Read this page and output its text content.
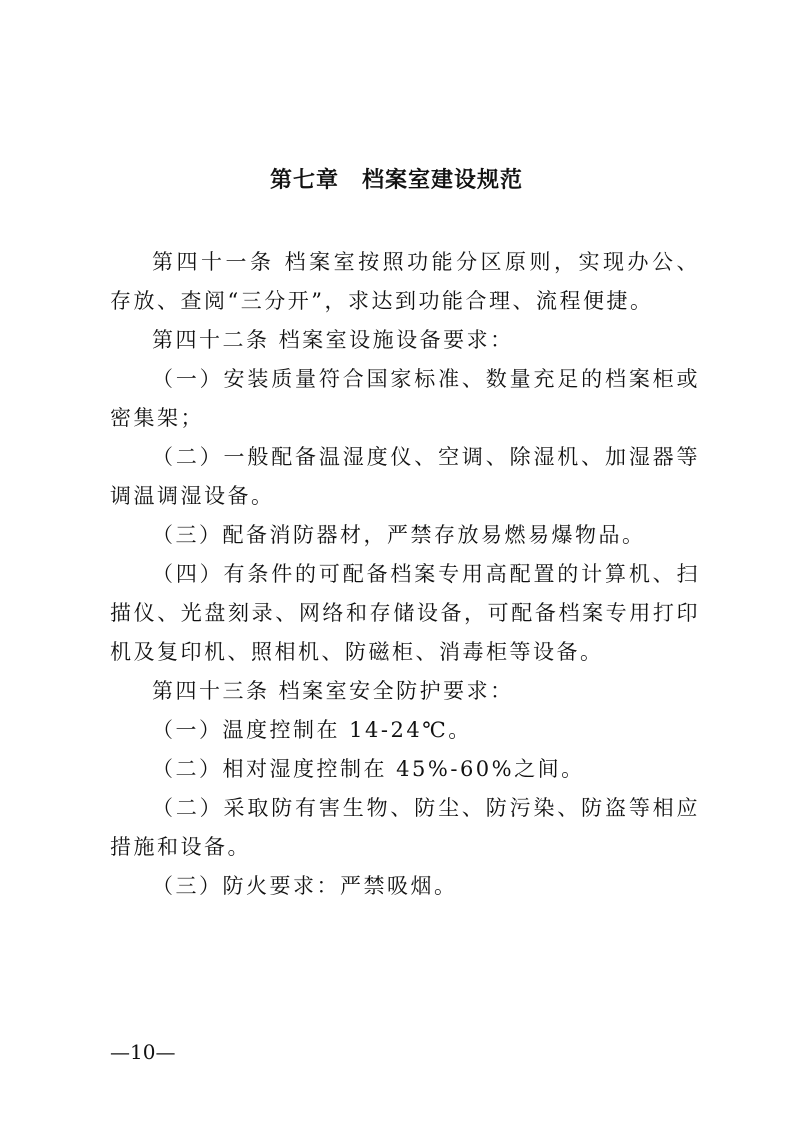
第七章　档案室建设规范

第四十一条 档案室按照功能分区原则，实现办公、存放、查阅“三分开”，求达到功能合理、流程便捷。

第四十二条 档案室设施设备要求：

（一）安装质量符合国家标准、数量充足的档案柜或密集架；

（二）一般配备温湿度仪、空调、除湿机、加湿器等调温调湿设备。

（三）配备消防器材，严禁存放易燃易爆物品。

（四）有条件的可配备档案专用高配置的计算机、扫描仪、光盘刻录、网络和存储设备，可配备档案专用打印机及复印机、照相机、防磁柜、消毒柜等设备。

第四十三条 档案室安全防护要求：

（一）温度控制在 14-24℃。

（二）相对湿度控制在 45%-60%之间。

（二）采取防有害生物、防尘、防污染、防盗等相应措施和设备。

（三）防火要求：严禁吸烟。

—10—
